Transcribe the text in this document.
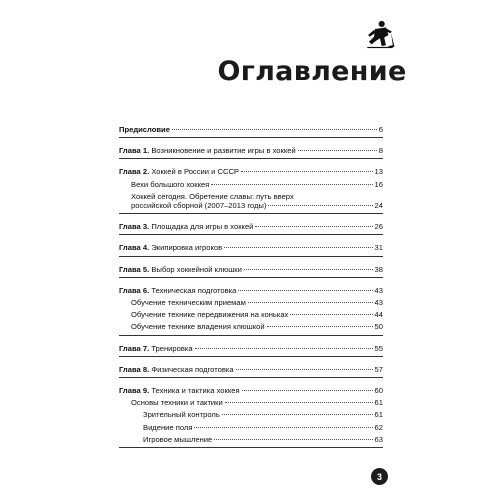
Оглавление
Предисловие	6
Глава 1. Возникновение и развитие игры в хоккей	8
Глава 2. Хоккей в России и СССР	13
Вехи большого хоккея	16
Хоккей сегодня. Обретение славы: путь вверх
российской сборной (2007–2013 годы)	24
Глава 3. Площадка для игры в хоккей	26
Глава 4. Экипировка игроков	31
Глава 5. Выбор хоккейной клюшки	38
Глава 6. Техническая подготовка	43
Обучение техническим приемам	43
Обучение технике передвижения на коньках	44
Обучение технике владения клюшкой	50
Глава 7. Тренировка	55
Глава 8. Физическая подготовка	57
Глава 9. Техника и тактика хоккея	60
Основы техники и тактики	61
Зрительный контроль	61
Видение поля	62
Игровое мышление	63
3
